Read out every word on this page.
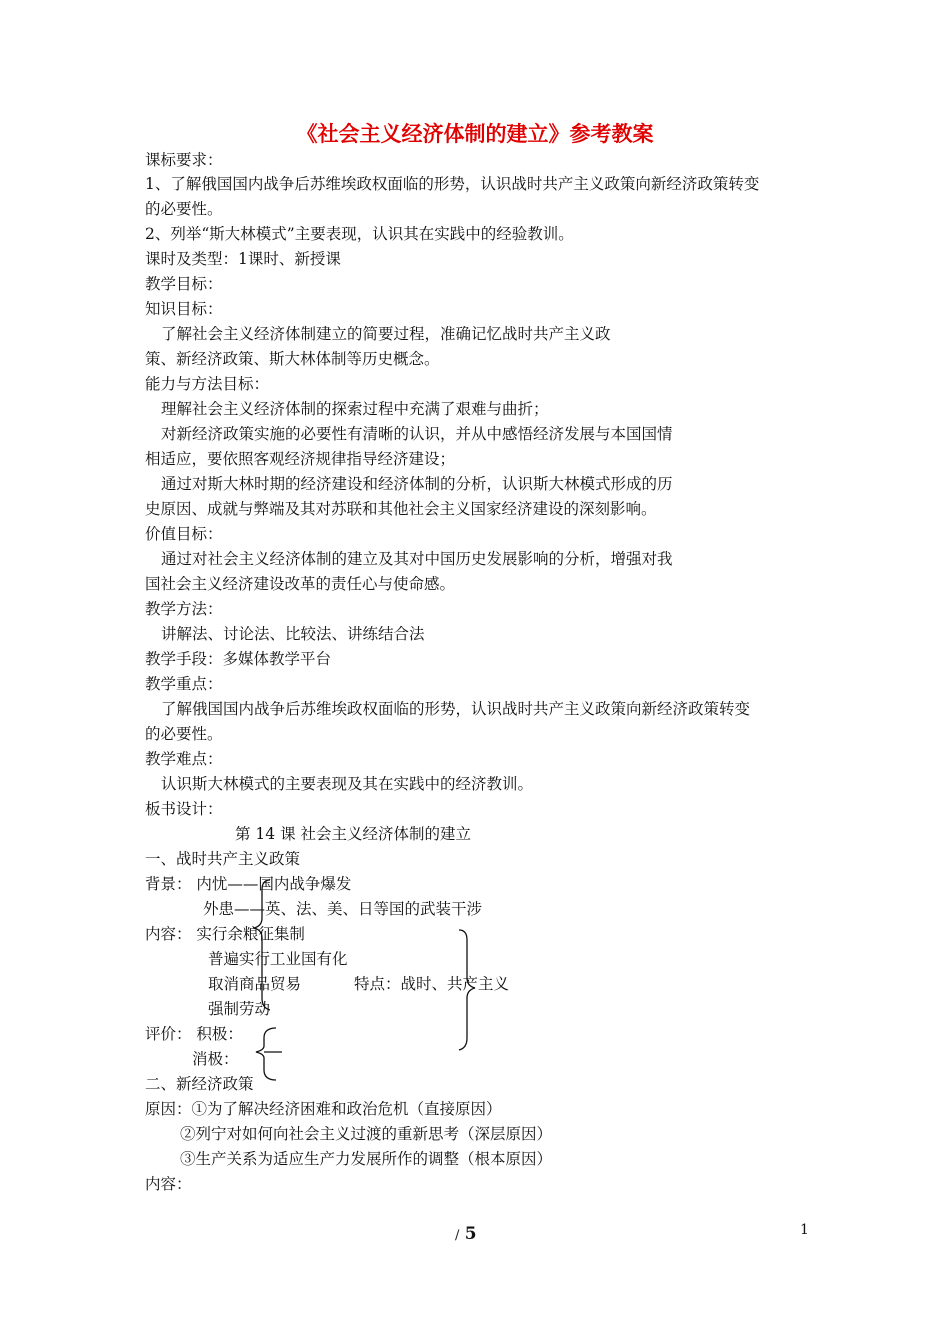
《社会主义经济体制的建立》参考教案
课标要求：
1、了解俄国国内战争后苏维埃政权面临的形势，认识战时共产主义政策向新经济政策转变
的必要性。
2、列举“斯大林模式”主要表现，认识其在实践中的经验教训。
课时及类型：1课时、新授课
教学目标：
知识目标：
了解社会主义经济体制建立的简要过程，准确记忆战时共产主义政
策、新经济政策、斯大林体制等历史概念。
能力与方法目标：
理解社会主义经济体制的探索过程中充满了艰难与曲折；
对新经济政策实施的必要性有清晰的认识，并从中感悟经济发展与本国国情
相适应，要依照客观经济规律指导经济建设；
通过对斯大林时期的经济建设和经济体制的分析，认识斯大林模式形成的历
史原因、成就与弊端及其对苏联和其他社会主义国家经济建设的深刻影响。
价值目标：
通过对社会主义经济体制的建立及其对中国历史发展影响的分析，增强对我
国社会主义经济建设改革的责任心与使命感。
教学方法：
讲解法、讨论法、比较法、讲练结合法
教学手段：多媒体教学平台
教学重点：
了解俄国国内战争后苏维埃政权面临的形势，认识战时共产主义政策向新经济政策转变
的必要性。
教学难点：
认识斯大林模式的主要表现及其在实践中的经济教训。
板书设计：
第 14 课 社会主义经济体制的建立
一、战时共产主义政策
背景： 内忧——国内战争爆发
外患——英、法、美、日等国的武装干涉
内容： 实行余粮征集制
普遍实行工业国有化
取消商品贸易	特点：战时、共产主义
强制劳动
评价： 积极：
消极：
二、新经济政策
原因：①为了解决经济困难和政治危机（直接原因）
②列宁对如何向社会主义过渡的重新思考（深层原因）
③生产关系为适应生产力发展所作的调整（根本原因）
内容：
/ 5	1
